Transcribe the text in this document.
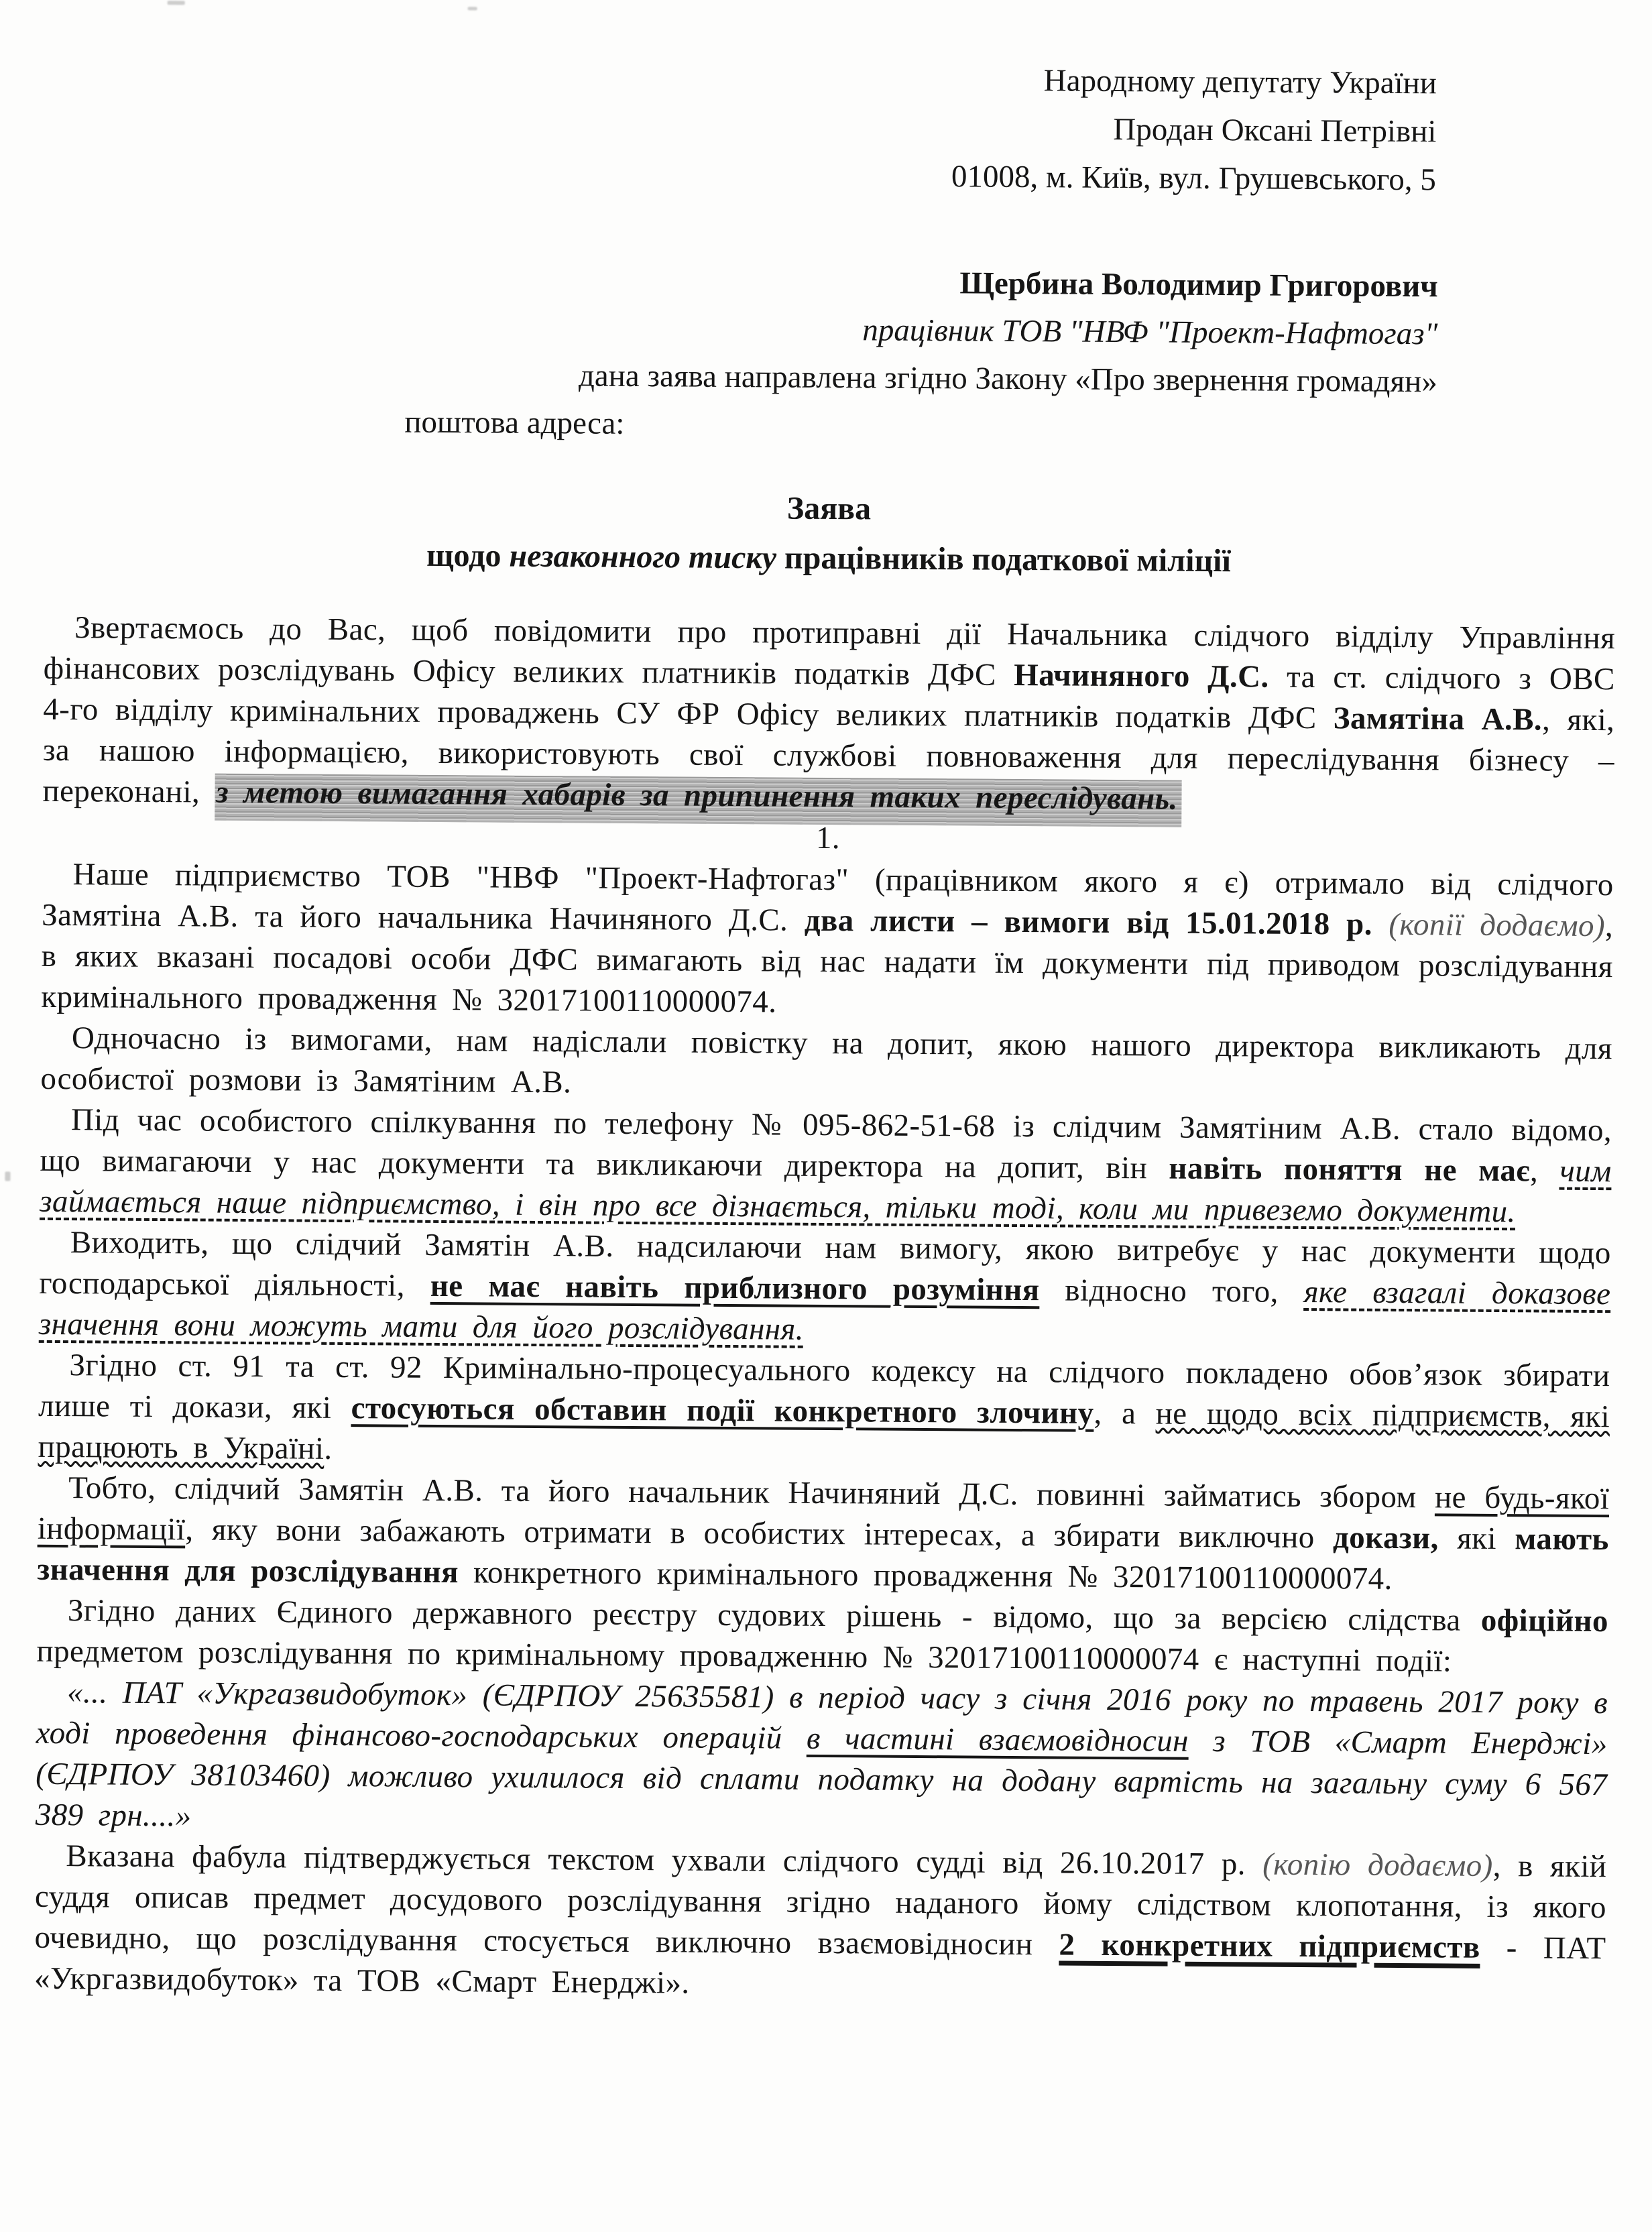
Народному депутату України
Продан Оксані Петрівні
01008, м. Київ, вул. Грушевського, 5
Щербина Володимир Григорович
працівник ТОВ "НВФ "Проект-Нафтогаз"
дана заява направлена згідно Закону «Про звернення громадян»
поштова адреса:
Заява
щодо незаконного тиску працівників податкової міліції

Звертаємось до Вас, щоб повідомити про протиправні дії Начальника слідчого відділу Управління фінансових розслідувань Офісу великих платників податків ДФС Начиняного Д.С. та ст. слідчого з ОВС 4-го відділу кримінальних проваджень СУ ФР Офісу великих платників податків ДФС Замятіна А.В., які, за нашою інформацією, використовують свої службові повноваження для переслідування бізнесу – переконані, з метою вимагання хабарів за припинення таких переслідувань.

1.

Наше підприємство ТОВ "НВФ "Проект-Нафтогаз" (працівником якого я є) отримало від слідчого Замятіна А.В. та його начальника Начиняного Д.С. два листи – вимоги від 15.01.2018 р. (копії додаємо), в яких вказані посадові особи ДФС вимагають від нас надати їм документи під приводом розслідування кримінального провадження № 32017100110000074.

Одночасно із вимогами, нам надіслали повістку на допит, якою нашого директора викликають для особистої розмови із Замятіним А.В.

Під час особистого спілкування по телефону № 095-862-51-68 із слідчим Замятіним А.В. стало відомо, що вимагаючи у нас документи та викликаючи директора на допит, він навіть поняття не має, чим займається наше підприємство, і він про все дізнається, тільки тоді, коли ми привеземо документи.

Виходить, що слідчий Замятін А.В. надсилаючи нам вимогу, якою витребує у нас документи щодо господарської діяльності, не має навіть приблизного розуміння відносно того, яке взагалі доказове значення вони можуть мати для його розслідування.

Згідно ст. 91 та ст. 92 Кримінально-процесуального кодексу на слідчого покладено обов’язок збирати лише ті докази, які стосуються обставин події конкретного злочину, а не щодо всіх підприємств, які працюють в Україні.

Тобто, слідчий Замятін А.В. та його начальник Начиняний Д.С. повинні займатись збором не будь-якої інформації, яку вони забажають отримати в особистих інтересах, а збирати виключно докази, які мають значення для розслідування конкретного кримінального провадження № 32017100110000074.

Згідно даних Єдиного державного реєстру судових рішень - відомо, що за версією слідства офіційно предметом розслідування по кримінальному провадженню № 32017100110000074 є наступні події:

«... ПАТ «Укргазвидобуток» (ЄДРПОУ 25635581) в період часу з січня 2016 року по травень 2017 року в ході проведення фінансово-господарських операцій в частині взаємовідносин з ТОВ «Смарт Енерджі» (ЄДРПОУ 38103460) можливо ухилилося від сплати податку на додану вартість на загальну суму 6 567 389 грн....»

Вказана фабула підтверджується текстом ухвали слідчого судді від 26.10.2017 р. (копію додаємо), в якій суддя описав предмет досудового розслідування згідно наданого йому слідством клопотання, із якого очевидно, що розслідування стосується виключно взаємовідносин 2 конкретних підприємств - ПАТ «Укргазвидобуток» та ТОВ «Смарт Енерджі».
